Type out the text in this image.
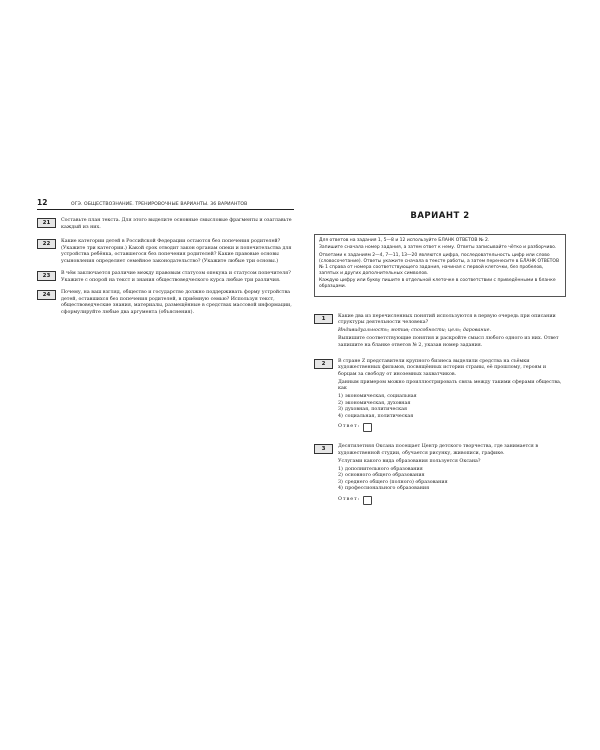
12	ОГЭ. ОБЩЕСТВОЗНАНИЕ. ТРЕНИРОВОЧНЫЕ ВАРИАНТЫ. 36 ВАРИАНТОВ
21	Составьте план текста. Для этого выделите основные смысловые фрагменты и озаглавьте каждый из них.
22	Какие категории детей в Российской Федерации остаются без попечения родителей? (Укажите три категории.) Какой срок отводит закон органам опеки и попечительства для устройства ребёнка, оставшегося без попечения родителей? Какие правовые основы усыновления определяет семейное законодательство? (Укажите любые три основы.)
23	В чём заключается различие между правовым статусом опекуна и статусом попечителя? Укажите с опорой на текст и знания обществоведческого курса любые три различия.
24	Почему, на ваш взгляд, общество и государство должно поддерживать форму устройства детей, оставшихся без попечения родителей, в приёмную семью? Используя текст, обществоведческие знания, материалы, размещённые в средствах массовой информации, сформулируйте любые два аргумента (объяснения).
ВАРИАНТ 2

Для ответов на задания 1, 5—8 и 12 используйте БЛАНК ОТВЕТОВ № 2.

Запишите сначала номер задания, а затем ответ к нему. Ответы записывайте чётко и разборчиво.

Ответами к заданиям 2—4, 7—11, 13—20 являются цифра, последовательность цифр или слово (словосочетание). Ответы укажите сначала в тексте работы, а затем перенесите в БЛАНК ОТВЕТОВ № 1 справа от номера соответствующего задания, начиная с первой клеточки, без пробелов, запятых и других дополнительных символов.

Каждую цифру или букву пишите в отдельной клеточке в соответствии с приведёнными в бланке образцами.

1	Какие два из перечисленных понятий используются в первую очередь при описании структуры деятельности человека?

Индивидуальность; мотив; способности; цель; дарование.

Выпишите соответствующие понятия и раскройте смысл любого одного из них. Ответ запишите на бланке ответов № 2, указав номер задания.

2	В стране Z представители крупного бизнеса выделили средства на съёмки художественных фильмов, посвящённых истории страны, её прошлому, героям и борцам за свободу от иноземных захватчиков.

Данным примером можно проиллюстрировать связь между такими сферами общества, как

1) экономическая, социальная
2) экономическая, духовная
3) духовная, политическая
4) социальная, политическая
Ответ:
3	Десятилетняя Оксана посещает Центр детского творчества, где занимается в художественной студии, обучается рисунку, живописи, графике.

Услугами какого вида образования пользуется Оксана?

1) дополнительного образования
2) основного общего образования
3) среднего общего (полного) образования
4) профессионального образования
Ответ:
